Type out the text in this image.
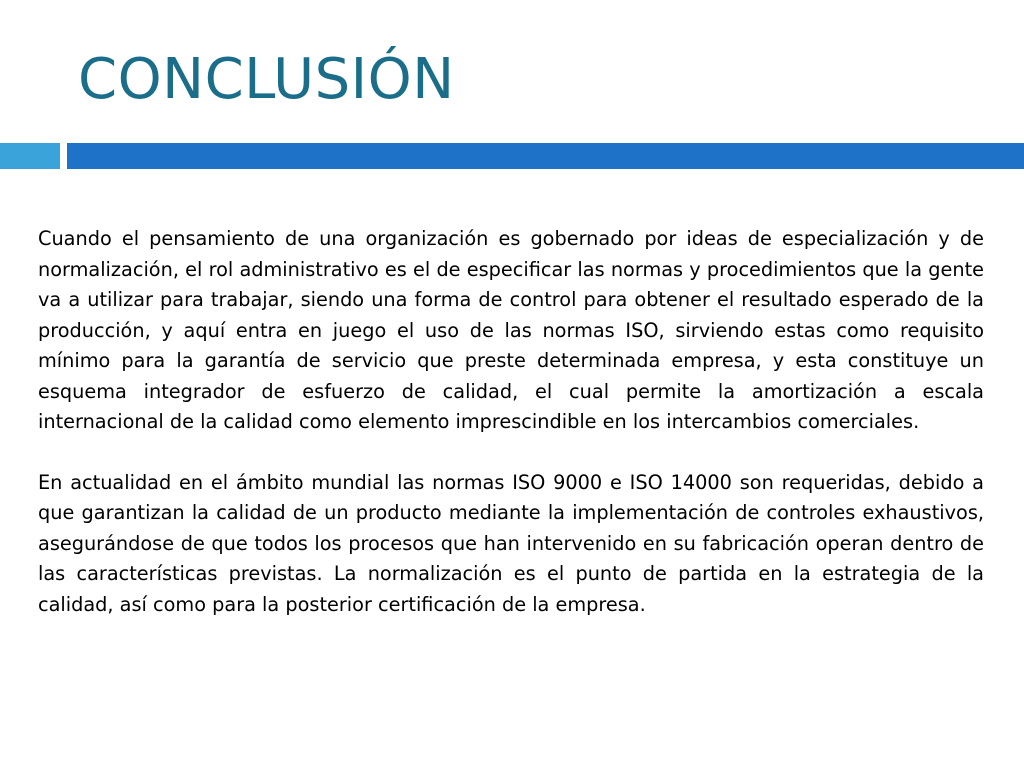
CONCLUSIÓN

Cuando el pensamiento de una organización es gobernado por ideas de especialización y de normalización, el rol administrativo es el de especificar las normas y procedimientos que la gente va a utilizar para trabajar, siendo una forma de control para obtener el resultado esperado de la producción, y aquí entra en juego el uso de las normas ISO, sirviendo estas como requisito mínimo para la garantía de servicio que preste determinada empresa, y esta constituye un esquema integrador de esfuerzo de calidad, el cual permite la amortización a escala internacional de la calidad como elemento imprescindible en los intercambios comerciales.

En actualidad en el ámbito mundial las normas ISO 9000 e ISO 14000 son requeridas, debido a que garantizan la calidad de un producto mediante la implementación de controles exhaustivos, asegurándose de que todos los procesos que han intervenido en su fabricación operan dentro de las características previstas. La normalización es el punto de partida en la estrategia de la calidad, así como para la posterior certificación de la empresa.
